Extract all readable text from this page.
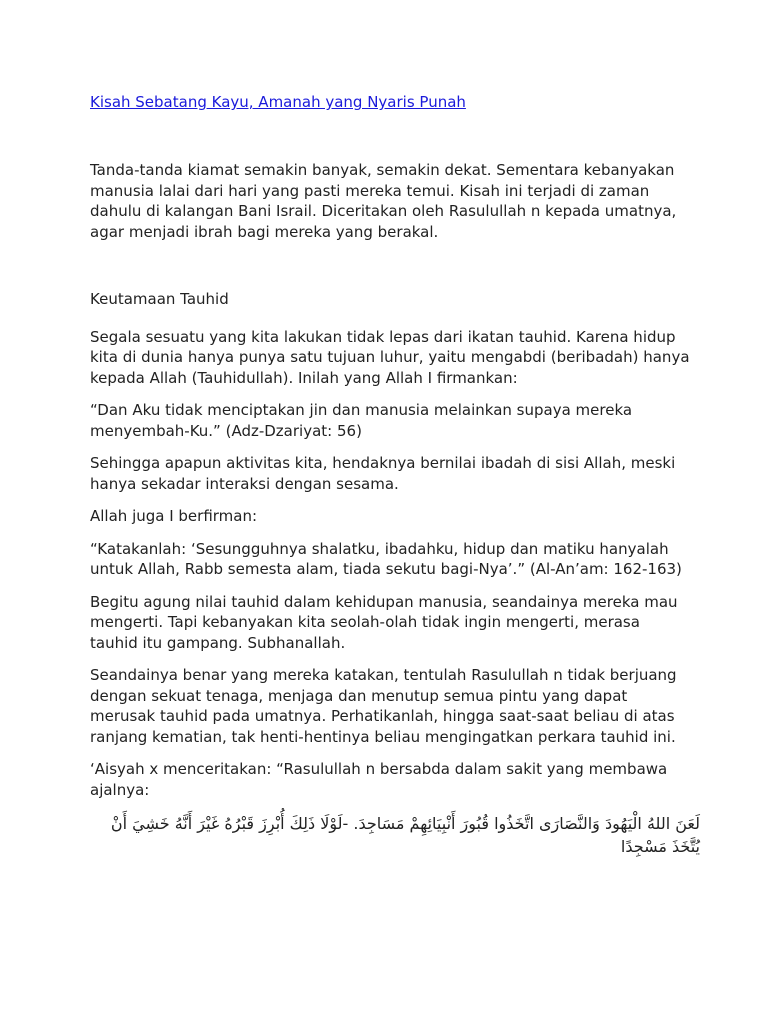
Kisah Sebatang Kayu, Amanah yang Nyaris Punah

Tanda-tanda kiamat semakin banyak, semakin dekat. Sementara kebanyakan manusia lalai dari hari yang pasti mereka temui. Kisah ini terjadi di zaman dahulu di kalangan Bani Israil. Diceritakan oleh Rasulullah n kepada umatnya, agar menjadi ibrah bagi mereka yang berakal.

Keutamaan Tauhid

Segala sesuatu yang kita lakukan tidak lepas dari ikatan tauhid. Karena hidup kita di dunia hanya punya satu tujuan luhur, yaitu mengabdi (beribadah) hanya kepada Allah (Tauhidullah). Inilah yang Allah I firmankan:

“Dan Aku tidak menciptakan jin dan manusia melainkan supaya mereka menyembah-Ku.” (Adz-Dzariyat: 56)

Sehingga apapun aktivitas kita, hendaknya bernilai ibadah di sisi Allah, meski hanya sekadar interaksi dengan sesama.

Allah juga I berfirman:

“Katakanlah: ‘Sesungguhnya shalatku, ibadahku, hidup dan matiku hanyalah untuk Allah, Rabb semesta alam, tiada sekutu bagi-Nya’.” (Al-An’am: 162-163)

Begitu agung nilai tauhid dalam kehidupan manusia, seandainya mereka mau mengerti. Tapi kebanyakan kita seolah-olah tidak ingin mengerti, merasa tauhid itu gampang. Subhanallah.

Seandainya benar yang mereka katakan, tentulah Rasulullah n tidak berjuang dengan sekuat tenaga, menjaga dan menutup semua pintu yang dapat merusak tauhid pada umatnya. Perhatikanlah, hingga saat-saat beliau di atas ranjang kematian, tak henti-hentinya beliau mengingatkan perkara tauhid ini.

‘Aisyah x menceritakan: “Rasulullah n bersabda dalam sakit yang membawa ajalnya:

لَعَنَ اللهُ الْيَهُودَ وَالنَّصَارَى اتَّخَذُوا قُبُورَ أَنْبِيَائِهِمْ مَسَاجِدَ. -لَوْلَا ذَلِكَ أُبْرِزَ قَبْرُهُ غَيْرَ أَنَّهُ خَشِيَ أَنْ يُتَّخَذَ مَسْجِدًا
